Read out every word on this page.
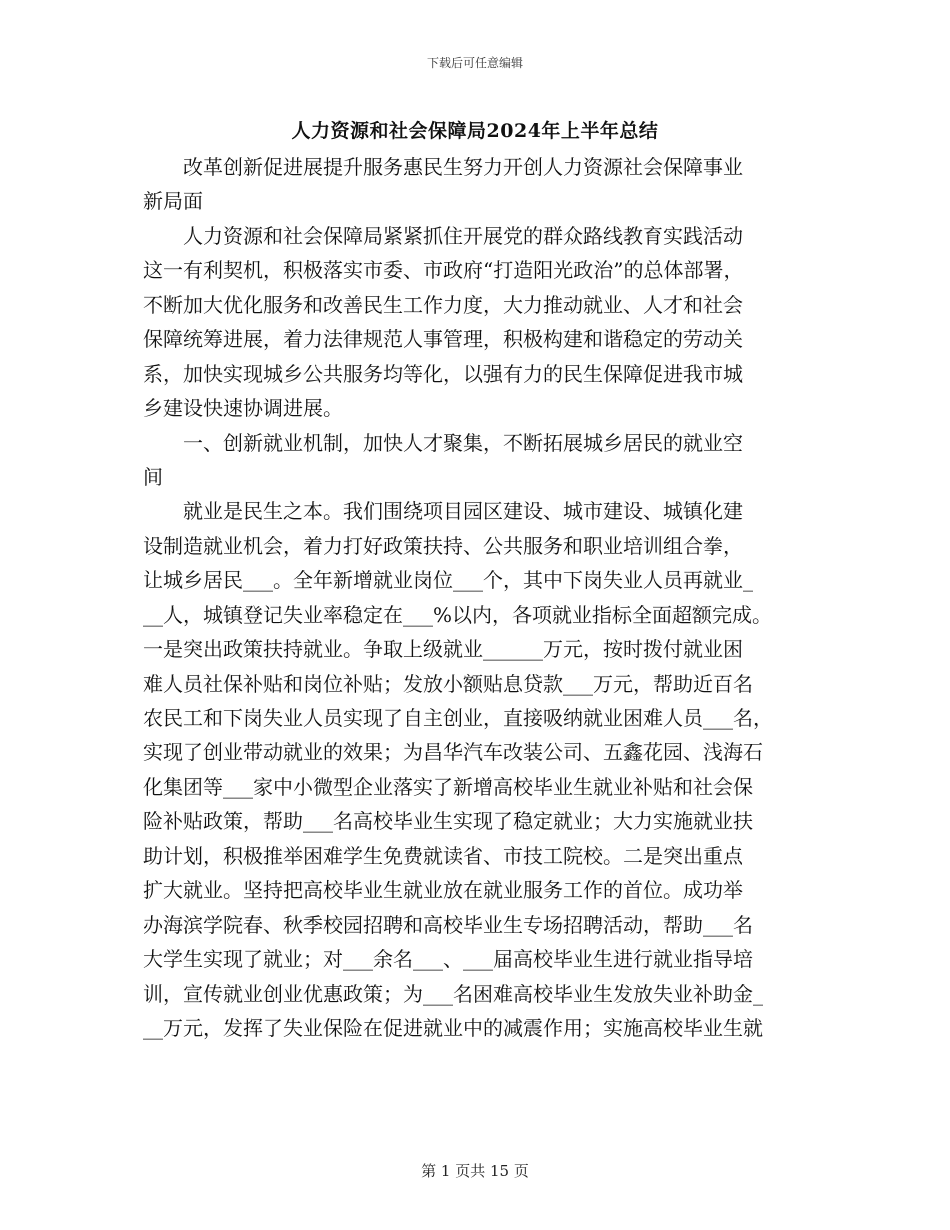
下载后可任意编辑
人力资源和社会保障局2024年上半年总结
改革创新促进展提升服务惠民生努力开创人力资源社会保障事业
新局面
人力资源和社会保障局紧紧抓住开展党的群众路线教育实践活动
这一有利契机，积极落实市委、市政府“打造阳光政治”的总体部署，
不断加大优化服务和改善民生工作力度，大力推动就业、人才和社会
保障统筹进展，着力法律规范人事管理，积极构建和谐稳定的劳动关
系，加快实现城乡公共服务均等化，以强有力的民生保障促进我市城
乡建设快速协调进展。
一、创新就业机制，加快人才聚集，不断拓展城乡居民的就业空
间
就业是民生之本。我们围绕项目园区建设、城市建设、城镇化建
设制造就业机会，着力打好政策扶持、公共服务和职业培训组合拳，
让城乡居民___。全年新增就业岗位___个，其中下岗失业人员再就业_
__人，城镇登记失业率稳定在___%以内，各项就业指标全面超额完成。
一是突出政策扶持就业。争取上级就业______万元，按时拨付就业困
难人员社保补贴和岗位补贴；发放小额贴息贷款___万元，帮助近百名
农民工和下岗失业人员实现了自主创业，直接吸纳就业困难人员___名，
实现了创业带动就业的效果；为昌华汽车改装公司、五鑫花园、浅海石
化集团等___家中小微型企业落实了新增高校毕业生就业补贴和社会保
险补贴政策，帮助___名高校毕业生实现了稳定就业；大力实施就业扶
助计划，积极推举困难学生免费就读省、市技工院校。二是突出重点
扩大就业。坚持把高校毕业生就业放在就业服务工作的首位。成功举
办海滨学院春、秋季校园招聘和高校毕业生专场招聘活动，帮助___名
大学生实现了就业；对___余名___、___届高校毕业生进行就业指导培
训，宣传就业创业优惠政策；为___名困难高校毕业生发放失业补助金_
__万元，发挥了失业保险在促进就业中的减震作用；实施高校毕业生就
第 1 页共 15 页
